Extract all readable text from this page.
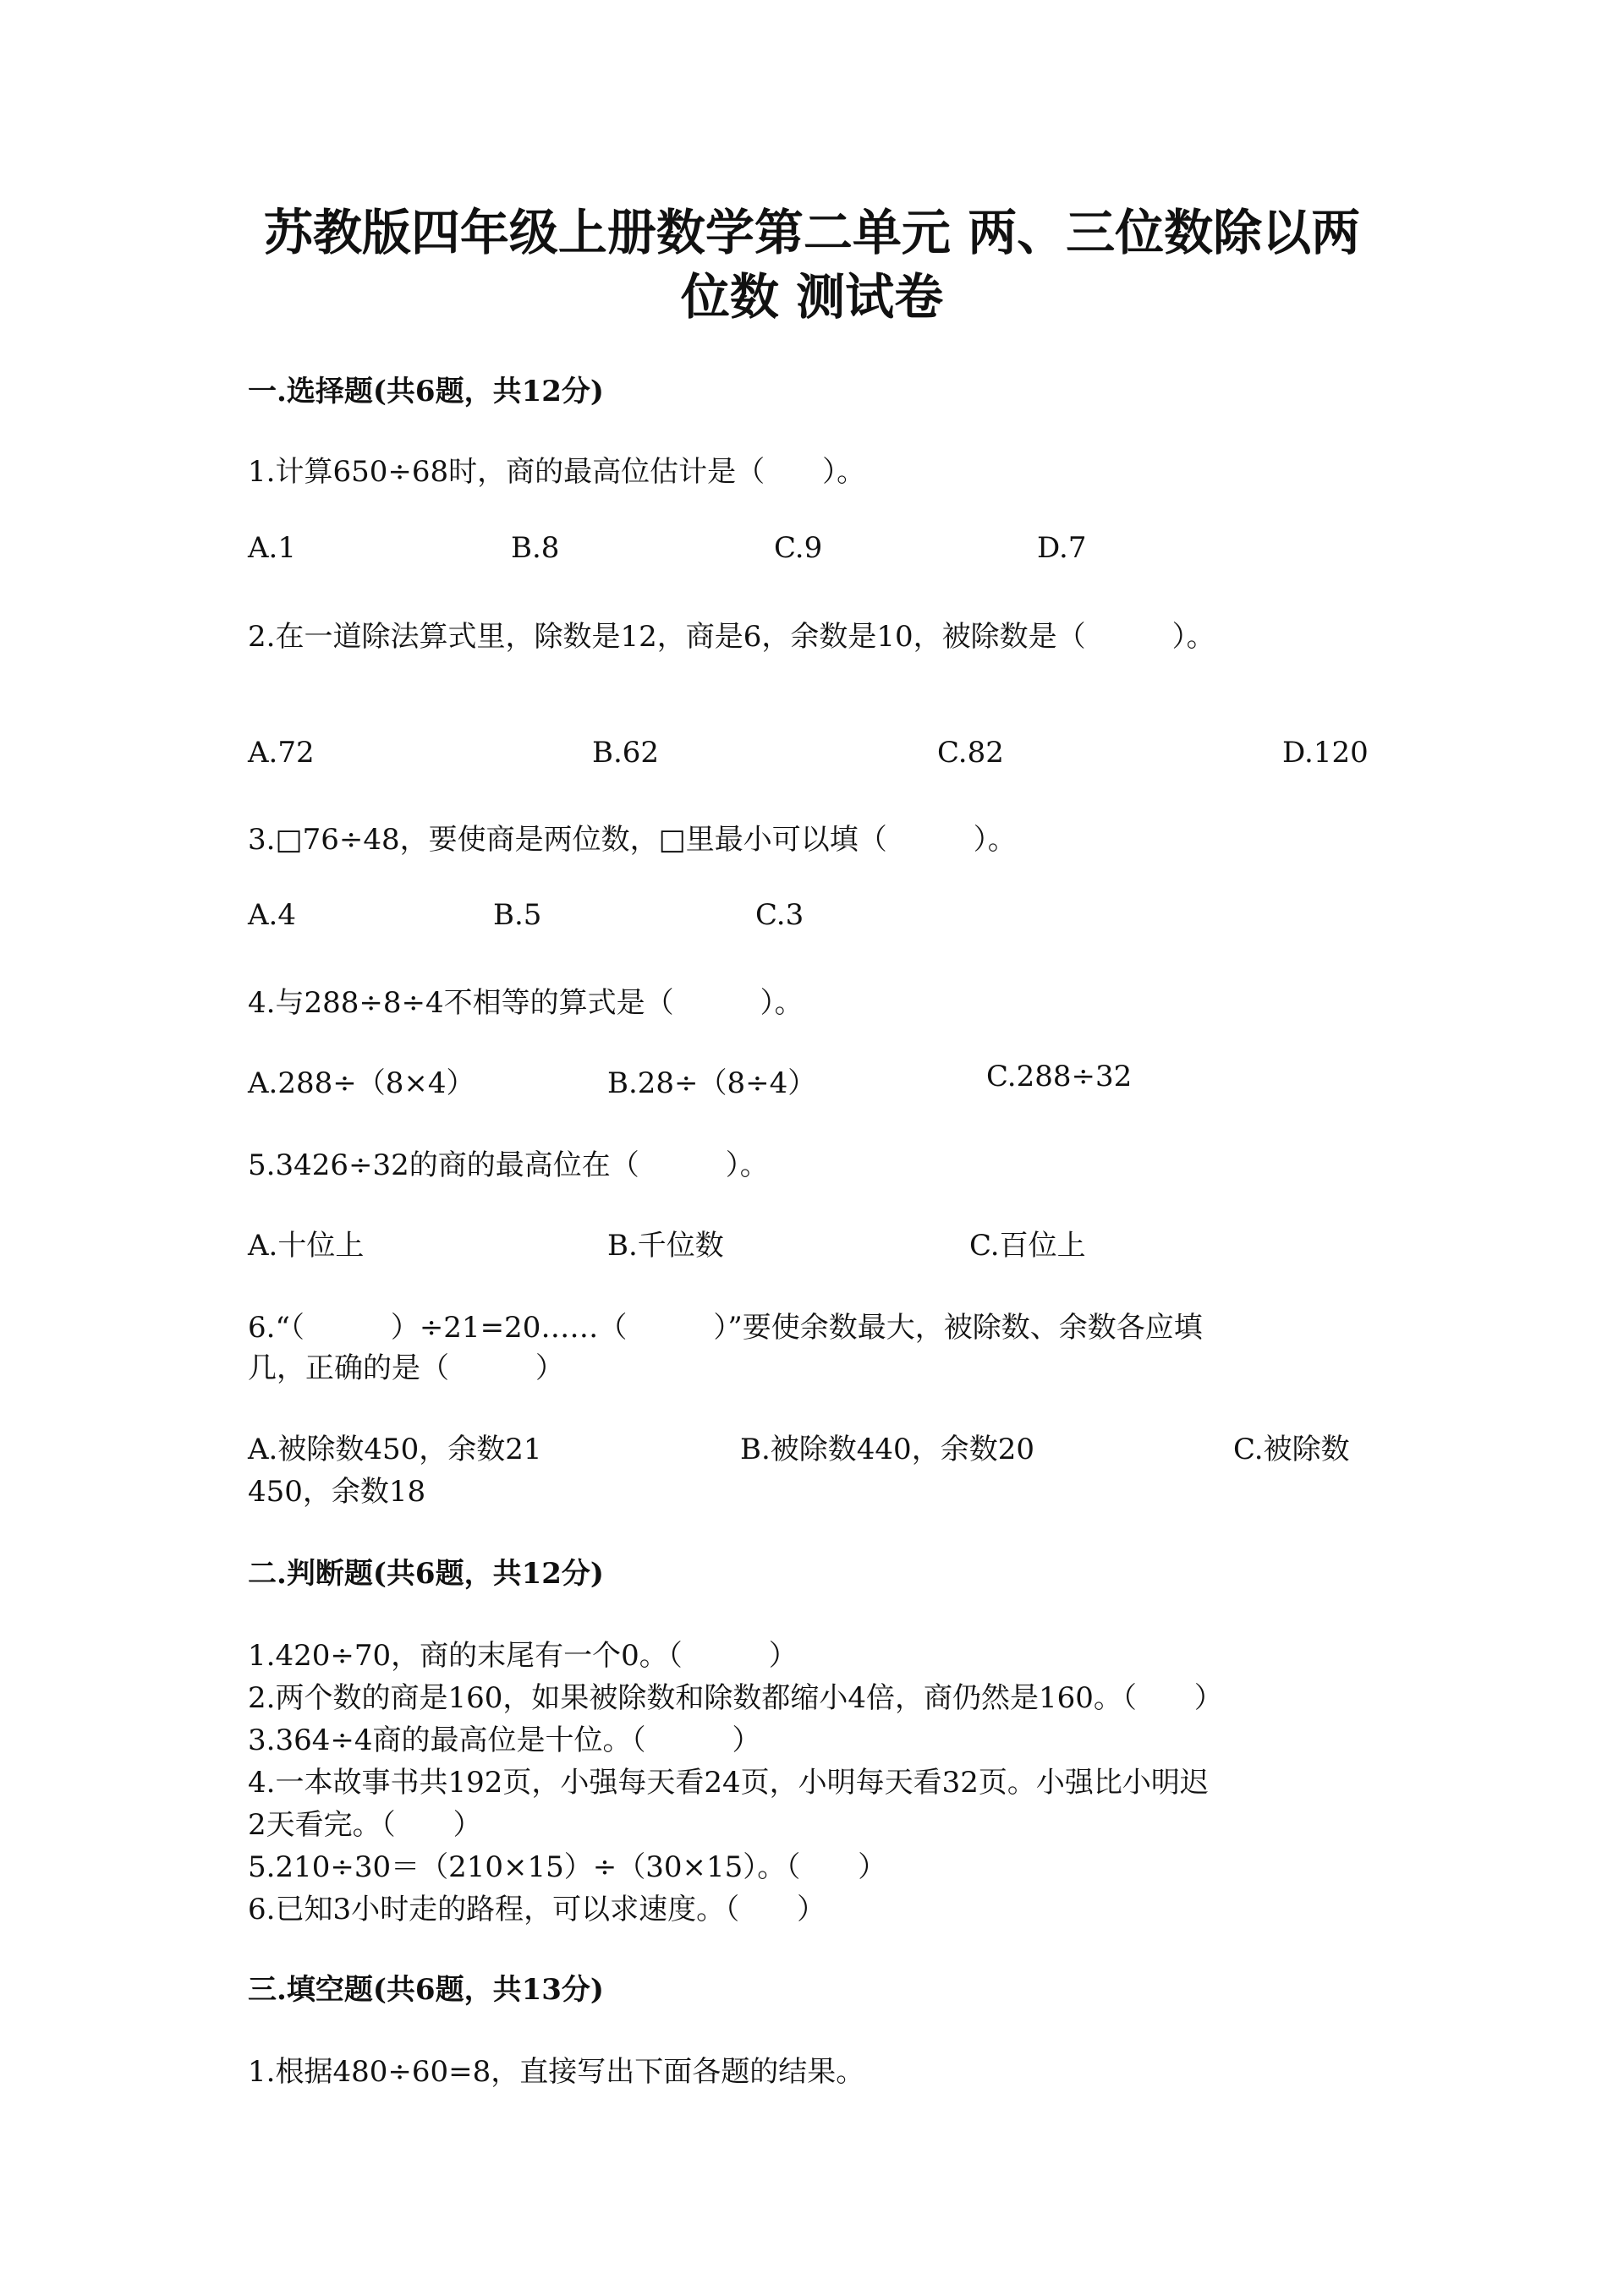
苏教版四年级上册数学第二单元 两、三位数除以两
位数 测试卷
一.选择题(共6题，共12分)
1.计算650÷68时，商的最高位估计是（　　）。
A.1	B.8	C.9	D.7
2.在一道除法算式里，除数是12，商是6，余数是10，被除数是（　　　）。
A.72	B.62	C.82	D.120
3.□76÷48，要使商是两位数，□里最小可以填（　　　）。
A.4	B.5	C.3
4.与288÷8÷4不相等的算式是（　　　）。
A.288÷（8×4）	B.28÷（8÷4）	C.288÷32
5.3426÷32的商的最高位在（　　　）。
A.十位上	B.千位数	C.百位上
6.“（　　　）÷21=20……（　　　）”要使余数最大，被除数、余数各应填
几，正确的是（　　　）
A.被除数450，余数21	B.被除数440，余数20	C.被除数
450，余数18
二.判断题(共6题，共12分)
1.420÷70，商的末尾有一个0。（　　　）
2.两个数的商是160，如果被除数和除数都缩小4倍，商仍然是160。（　　）
3.364÷4商的最高位是十位。（　　　）
4.一本故事书共192页，小强每天看24页，小明每天看32页。小强比小明迟
2天看完。（　　）
5.210÷30＝（210×15）÷（30×15）。（　　）
6.已知3小时走的路程，可以求速度。（　　）
三.填空题(共6题，共13分)
1.根据480÷60=8，直接写出下面各题的结果。
